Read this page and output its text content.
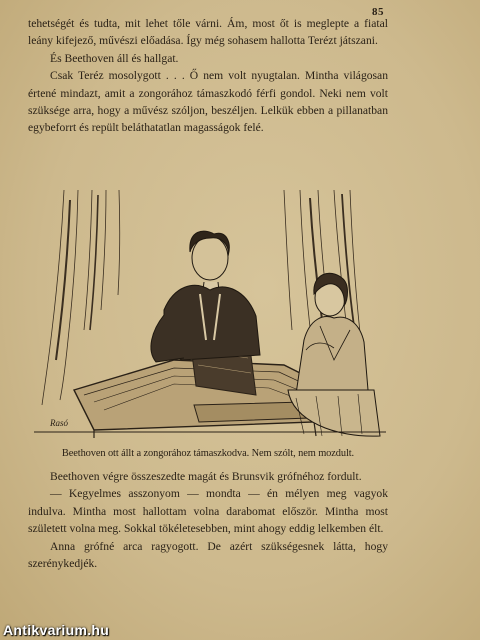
85

tehetségét és tudta, mit lehet tőle várni. Ám, most őt is meglepte a fiatal leány kifejező, művészi előadása. Így még sohasem hallotta Terézt játszani.

És Beethoven áll és hallgat.

Csak Teréz mosolygott . . . Ő nem volt nyugtalan. Mintha világosan értené mindazt, amit a zongorához támaszkodó férfi gondol. Neki nem volt szüksége arra, hogy a művész szóljon, beszéljen. Lelkük ebben a pillanatban egybeforrt és repült beláthatatlan magasságok felé.

Rasó
Beethoven ott állt a zongorához támaszkodva. Nem szólt, nem mozdult.

Beethoven végre összeszedte magát és Brunsvik grófnéhoz fordult.

— Kegyelmes asszonyom — mondta — én mélyen meg vagyok indulva. Mintha most hallottam volna darabomat először. Mintha most született volna meg. Sokkal tökéletesebben, mint ahogy eddig lelkemben élt.

Anna grófné arca ragyogott. De azért szükségesnek látta, hogy szerénykedjék.

Antikvarium.hu
